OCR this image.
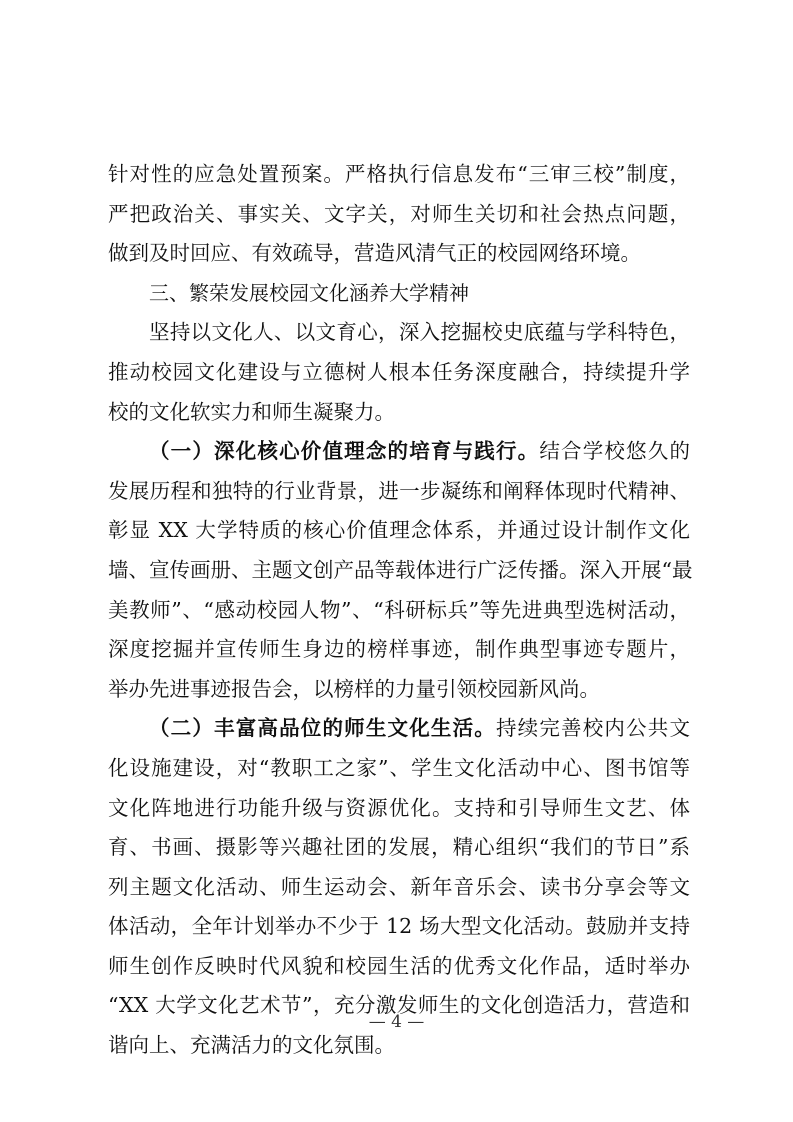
针对性的应急处置预案。严格执行信息发布“三审三校”制度，
严把政治关、事实关、文字关，对师生关切和社会热点问题，
做到及时回应、有效疏导，营造风清气正的校园网络环境。
三、繁荣发展校园文化涵养大学精神
坚持以文化人、以文育心，深入挖掘校史底蕴与学科特色，
推动校园文化建设与立德树人根本任务深度融合，持续提升学
校的文化软实力和师生凝聚力。
（一）深化核心价值理念的培育与践行。结合学校悠久的
发展历程和独特的行业背景，进一步凝练和阐释体现时代精神、
彰显 XX 大学特质的核心价值理念体系，并通过设计制作文化
墙、宣传画册、主题文创产品等载体进行广泛传播。深入开展“最
美教师”、“感动校园人物”、“科研标兵”等先进典型选树活动，
深度挖掘并宣传师生身边的榜样事迹，制作典型事迹专题片，
举办先进事迹报告会，以榜样的力量引领校园新风尚。
（二）丰富高品位的师生文化生活。持续完善校内公共文
化设施建设，对“教职工之家”、学生文化活动中心、图书馆等
文化阵地进行功能升级与资源优化。支持和引导师生文艺、体
育、书画、摄影等兴趣社团的发展，精心组织“我们的节日”系
列主题文化活动、师生运动会、新年音乐会、读书分享会等文
体活动，全年计划举办不少于 12 场大型文化活动。鼓励并支持
师生创作反映时代风貌和校园生活的优秀文化作品，适时举办
“XX 大学文化艺术节”，充分激发师生的文化创造活力，营造和
谐向上、充满活力的文化氛围。
— 4 —
